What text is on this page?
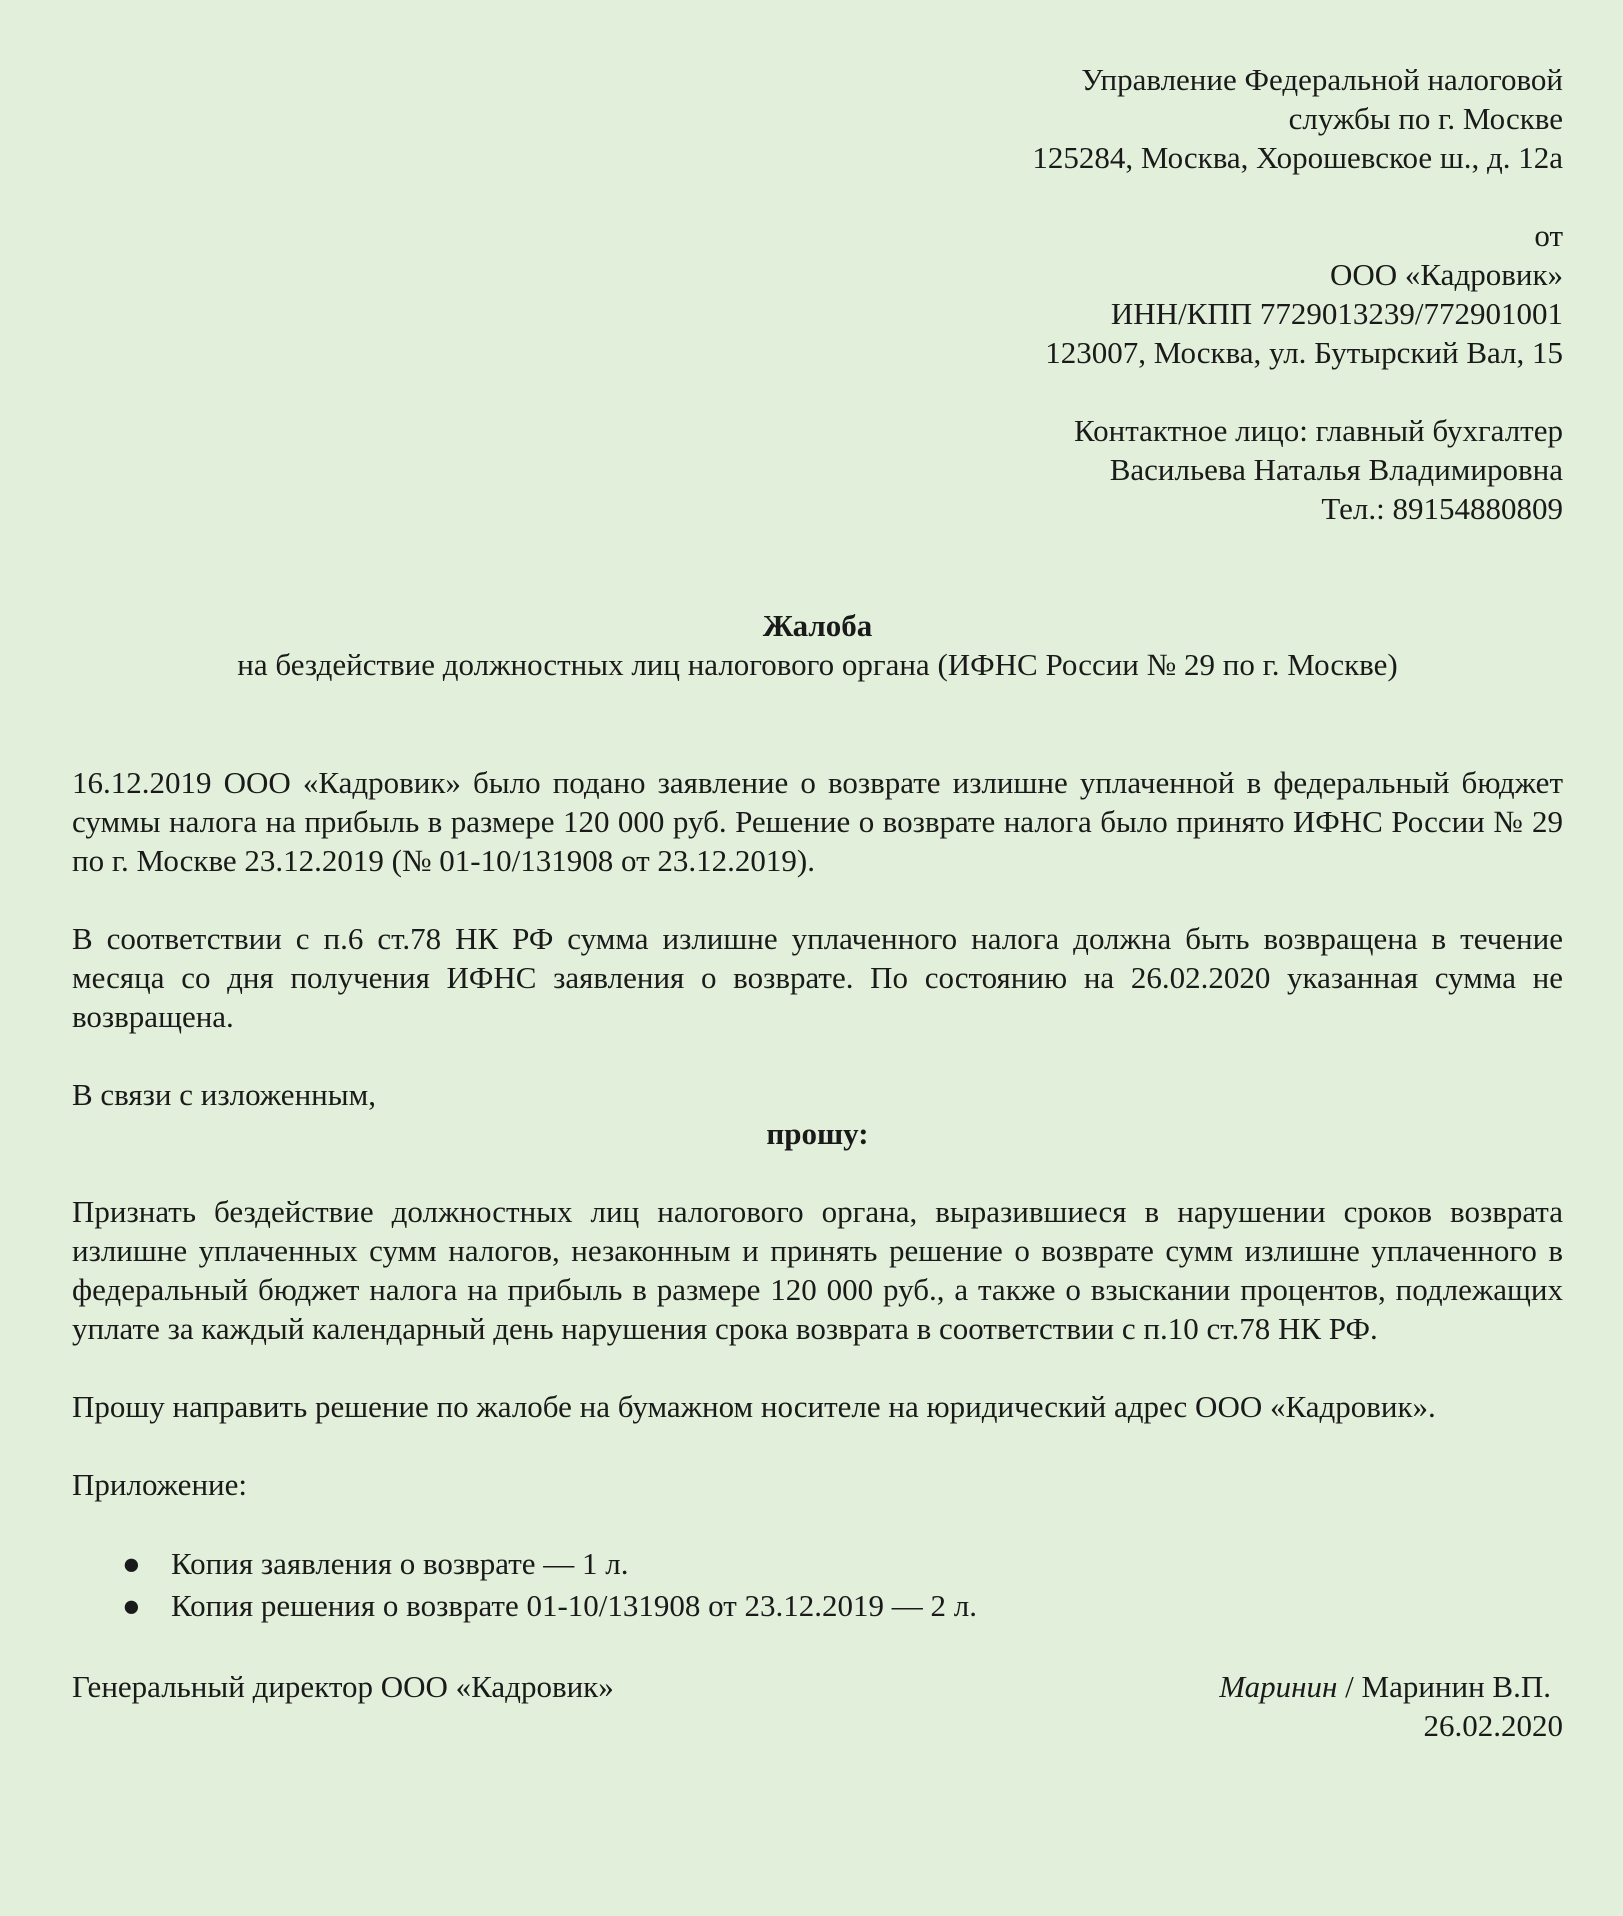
Управление Федеральной налоговой
службы по г. Москве
125284, Москва, Хорошевское ш., д. 12а
от
ООО «Кадровик»
ИНН/КПП 7729013239/772901001
123007, Москва, ул. Бутырский Вал, 15
Контактное лицо: главный бухгалтер
Васильева Наталья Владимировна
Тел.: 89154880809
Жалоба
на бездействие должностных лиц налогового органа (ИФНС России № 29 по г. Москве)
16.12.2019 ООО «Кадровик» было подано заявление о возврате излишне уплаченной в федеральный бюджет суммы налога на прибыль в размере 120 000 руб. Решение о возврате налога было принято ИФНС России № 29 по г. Москве 23.12.2019 (№ 01-10/131908 от 23.12.2019).
В соответствии с п.6 ст.78 НК РФ сумма излишне уплаченного налога должна быть возвращена в течение месяца со дня получения ИФНС заявления о возврате. По состоянию на 26.02.2020 указанная сумма не возвращена.
В связи с изложенным,
прошу:
Признать бездействие должностных лиц налогового органа, выразившиеся в нарушении сроков возврата излишне уплаченных сумм налогов, незаконным и принять решение о возврате сумм излишне уплаченного в федеральный бюджет налога на прибыль в размере 120 000 руб., а также о взыскании процентов, подлежащих уплате за каждый календарный день нарушения срока возврата в соответствии с п.10 ст.78 НК РФ.
Прошу направить решение по жалобе на бумажном носителе на юридический адрес ООО «Кадровик».
Приложение:
● Копия заявления о возврате — 1 л.
● Копия решения о возврате 01-10/131908 от 23.12.2019 — 2 л.
Генеральный директор ООО «Кадровик»	Маринин / Маринин В.П.
26.02.2020
